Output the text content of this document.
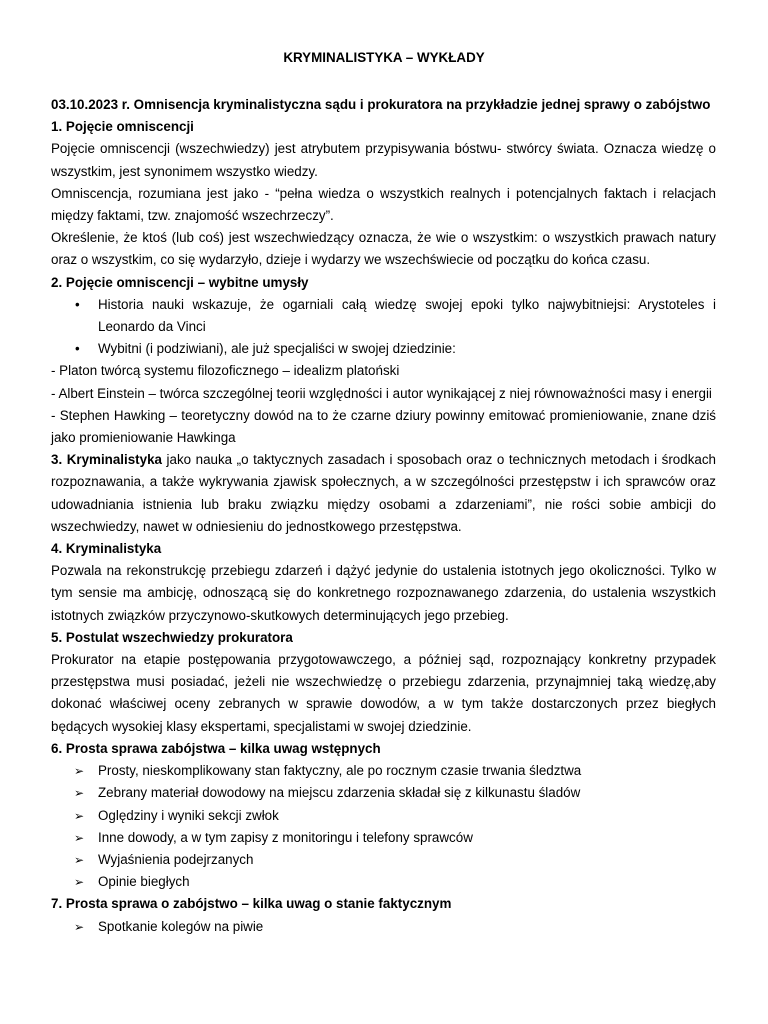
KRYMINALISTYKA – WYKŁADY

03.10.2023 r. Omnisencja kryminalistyczna sądu i prokuratora na przykładzie jednej sprawy o zabójstwo

1. Pojęcie omniscencji

Pojęcie omniscencji (wszechwiedzy) jest atrybutem przypisywania bóstwu- stwórcy świata. Oznacza wiedzę o wszystkim, jest synonimem wszystko wiedzy.

Omniscencja, rozumiana jest jako - “pełna wiedza o wszystkich realnych i potencjalnych faktach i relacjach między faktami, tzw. znajomość wszechrzeczy”.

Określenie, że ktoś (lub coś) jest wszechwiedzący oznacza, że wie o wszystkim: o wszystkich prawach natury oraz o wszystkim, co się wydarzyło, dzieje i wydarzy we wszechświecie od początku do końca czasu.

2. Pojęcie omniscencji – wybitne umysły

•	Historia nauki wskazuje, że ogarniali całą wiedzę swojej epoki tylko najwybitniejsi: Arystoteles i Leonardo da Vinci
•	Wybitni (i podziwiani), ale już specjaliści w swojej dziedzinie:

- Platon twórcą systemu filozoficznego – idealizm platoński

- Albert Einstein – twórca szczególnej teorii względności i autor wynikającej z niej równoważności masy i energii

- Stephen Hawking – teoretyczny dowód na to że czarne dziury powinny emitować promieniowanie, znane dziś jako promieniowanie Hawkinga

3. Kryminalistyka jako nauka „o taktycznych zasadach i sposobach oraz o technicznych metodach i środkach rozpoznawania, a także wykrywania zjawisk społecznych, a w szczególności przestępstw i ich sprawców oraz udowadniania istnienia lub braku związku między osobami a zdarzeniami”, nie rości sobie ambicji do wszechwiedzy, nawet w odniesieniu do jednostkowego przestępstwa.

4. Kryminalistyka

Pozwala na rekonstrukcję przebiegu zdarzeń i dążyć jedynie do ustalenia istotnych jego okoliczności. Tylko w tym sensie ma ambicję, odnoszącą się do konkretnego rozpoznawanego zdarzenia, do ustalenia wszystkich istotnych związków przyczynowo-skutkowych determinujących jego przebieg.

5. Postulat wszechwiedzy prokuratora

Prokurator na etapie postępowania przygotowawczego, a później sąd, rozpoznający konkretny przypadek przestępstwa musi posiadać, jeżeli nie wszechwiedzę o przebiegu zdarzenia, przynajmniej taką wiedzę,aby dokonać właściwej oceny zebranych w sprawie dowodów, a w tym także dostarczonych przez biegłych będących wysokiej klasy ekspertami, specjalistami w swojej dziedzinie.

6. Prosta sprawa zabójstwa – kilka uwag wstępnych

➢	Prosty, nieskomplikowany stan faktyczny, ale po rocznym czasie trwania śledztwa
➢	Zebrany materiał dowodowy na miejscu zdarzenia składał się z kilkunastu śladów
➢	Oględziny i wyniki sekcji zwłok
➢	Inne dowody, a w tym zapisy z monitoringu i telefony sprawców
➢	Wyjaśnienia podejrzanych
➢	Opinie biegłych

7. Prosta sprawa o zabójstwo – kilka uwag o stanie faktycznym

➢	Spotkanie kolegów na piwie
